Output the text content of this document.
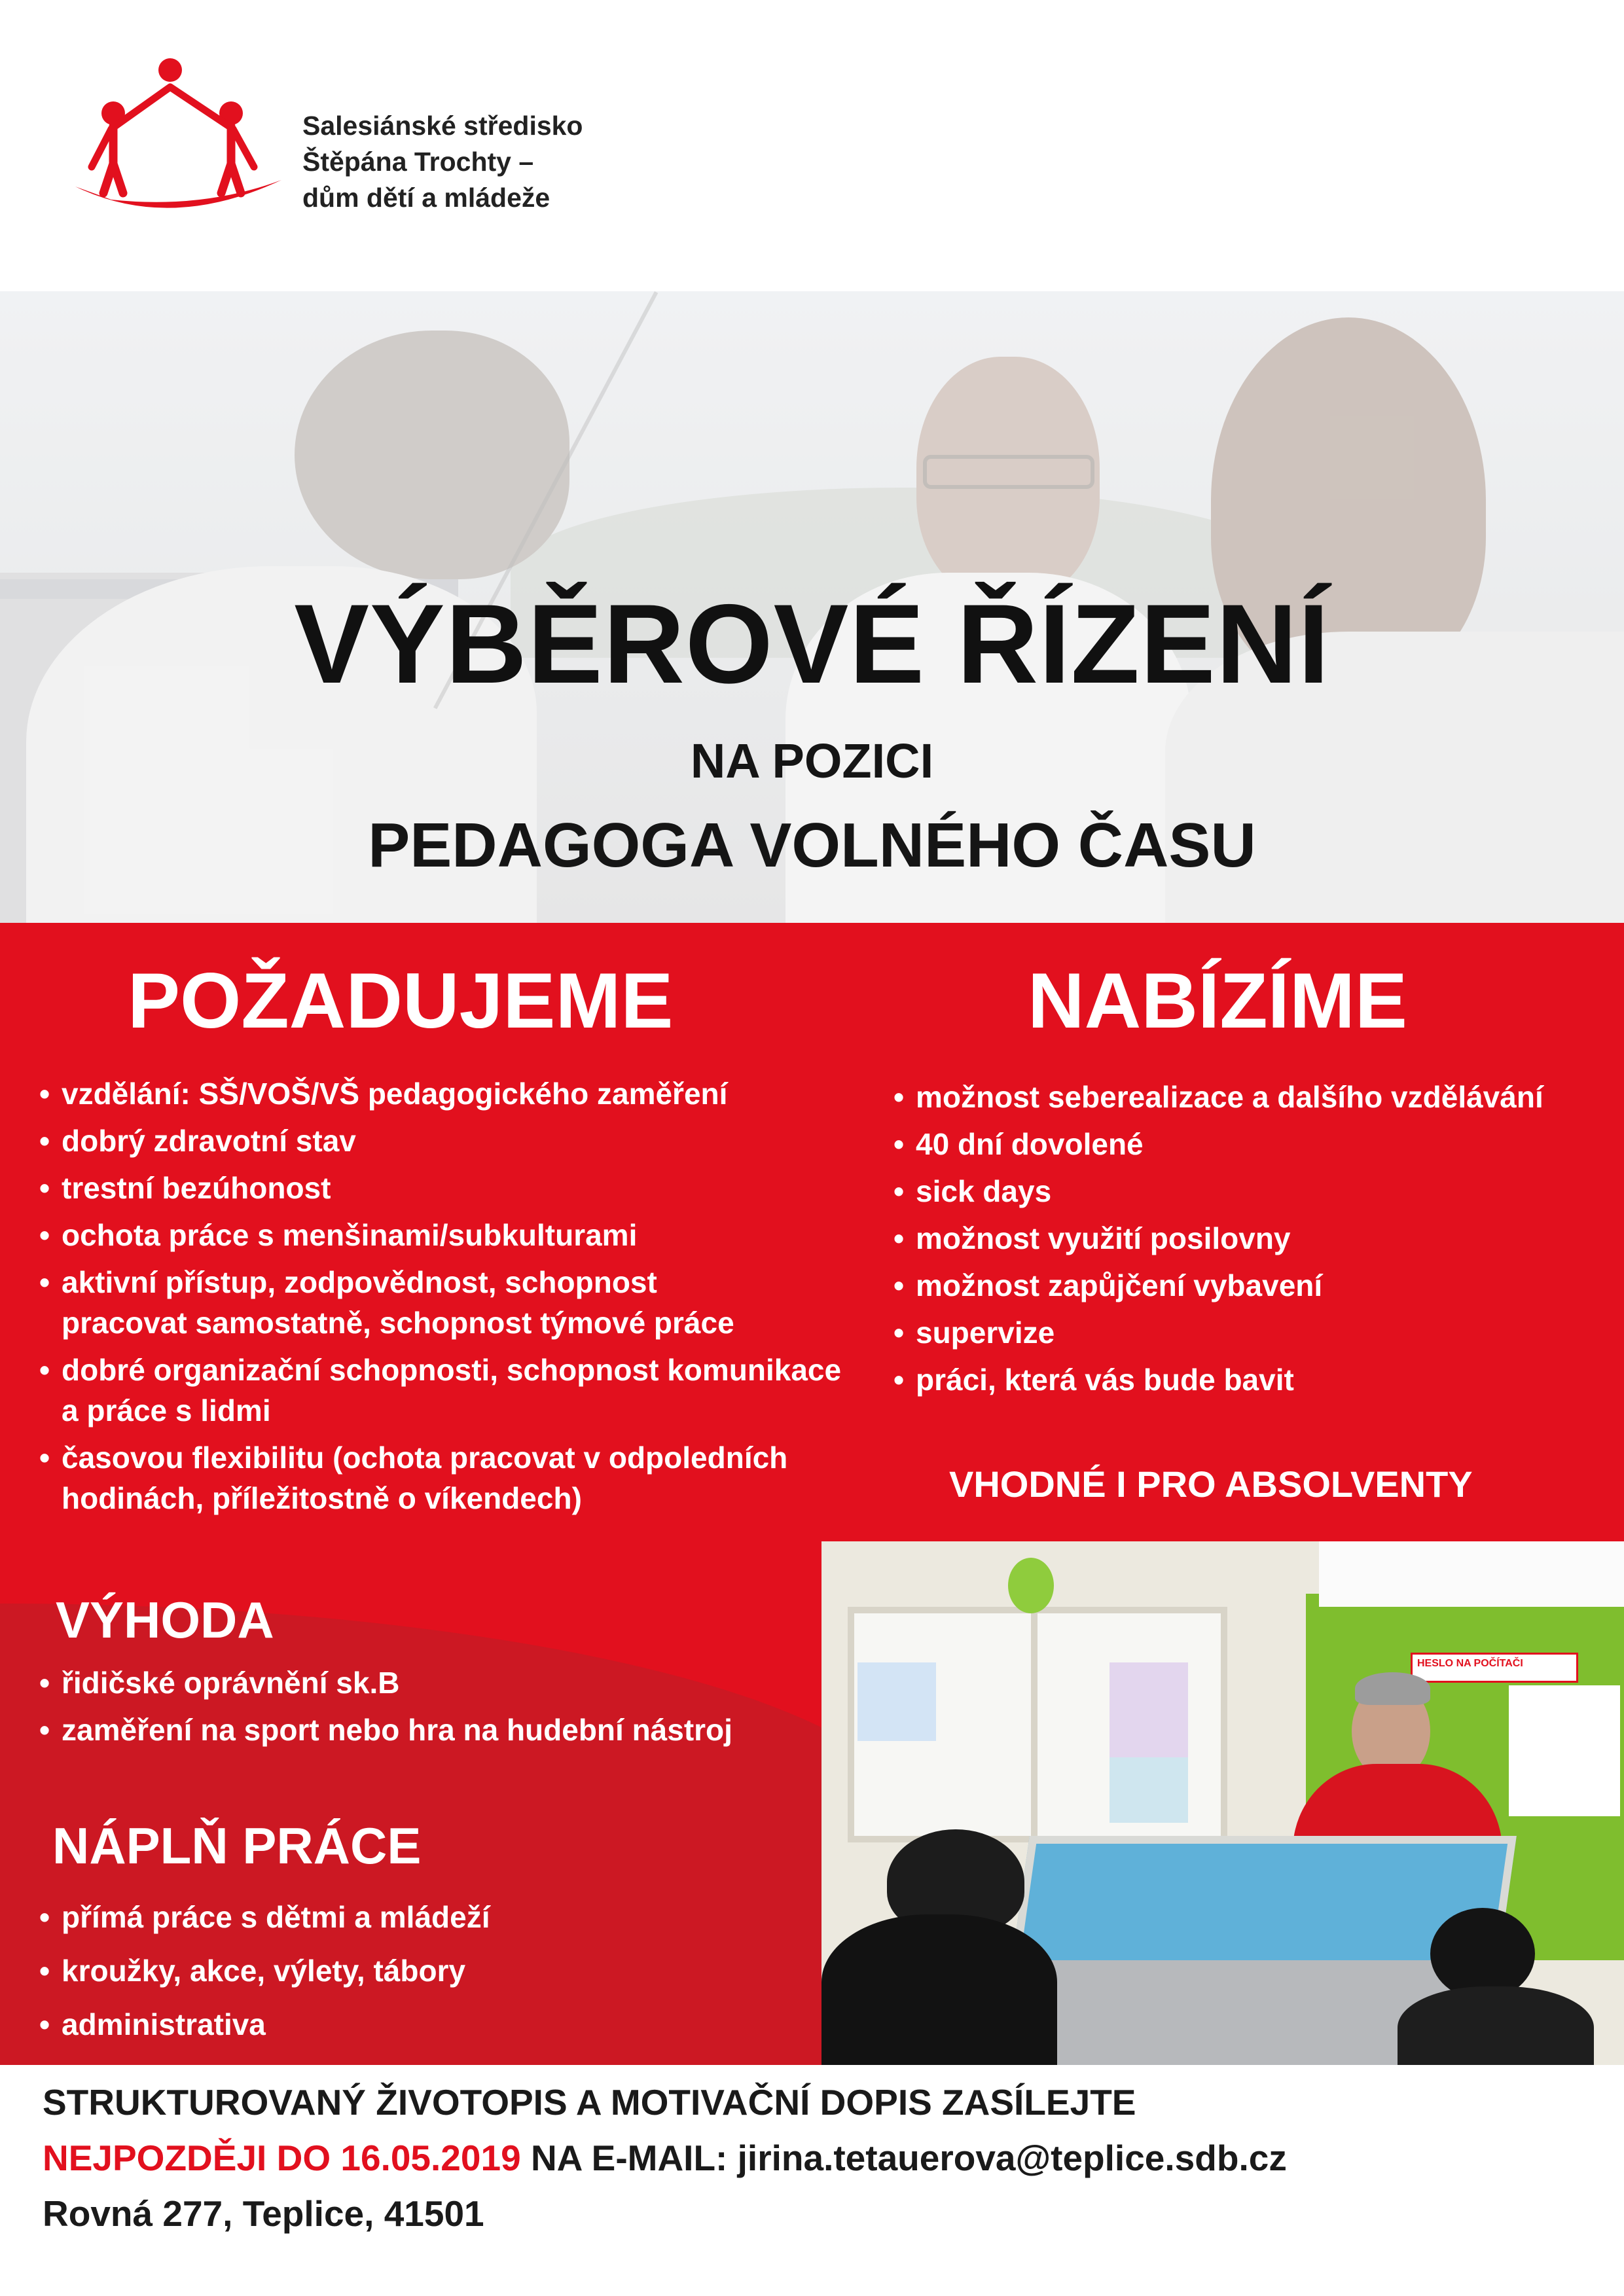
Salesiánské středisko
Štěpána Trochty –
dům dětí a mládeže
VÝBĚROVÉ ŘÍZENÍ
NA POZICI
PEDAGOGA VOLNÉHO ČASU
POŽADUJEME
• vzdělání: SŠ/VOŠ/VŠ pedagogického zaměření
• dobrý zdravotní stav
• trestní bezúhonost
• ochota práce s menšinami/subkulturami
• aktivní přístup, zodpovědnost, schopnost pracovat samostatně, schopnost týmové práce
• dobré organizační schopnosti, schopnost komunikace a práce s lidmi
• časovou flexibilitu (ochota pracovat v odpoledních hodinách, příležitostně o víkendech)
NABÍZÍME
• možnost seberealizace a dalšího vzdělávání
• 40 dní dovolené
• sick days
• možnost využití posilovny
• možnost zapůjčení vybavení
• supervize
• práci, která vás bude bavit
VHODNÉ I PRO ABSOLVENTY
VÝHODA
• řidičské oprávnění sk.B
• zaměření na sport nebo hra na hudební nástroj
NÁPLŇ PRÁCE
• přímá práce s dětmi a mládeží
• kroužky, akce, výlety, tábory
• administrativa
HESLO NA POČÍTAČI
STRUKTUROVANÝ ŽIVOTOPIS A MOTIVAČNÍ DOPIS ZASÍLEJTE
NEJPOZDĚJI DO 16.05.2019 NA E-MAIL: jirina.tetauerova@teplice.sdb.cz
Rovná 277, Teplice, 41501
